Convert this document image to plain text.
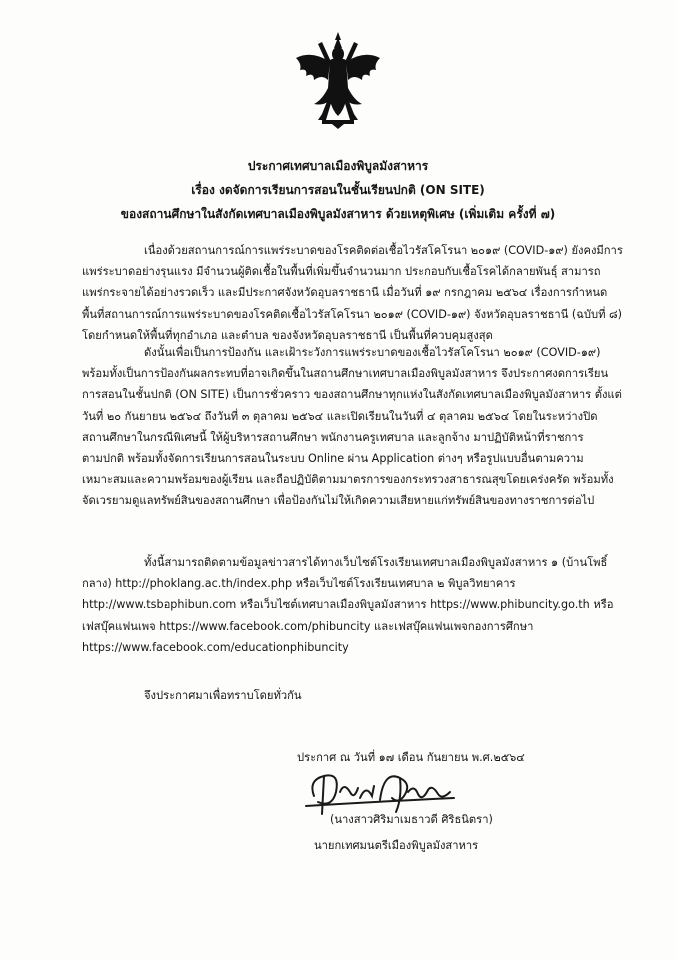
ประกาศเทศบาลเมืองพิบูลมังสาหาร
เรื่อง งดจัดการเรียนการสอนในชั้นเรียนปกติ (ON SITE)
ของสถานศึกษาในสังกัดเทศบาลเมืองพิบูลมังสาหาร ด้วยเหตุพิเศษ (เพิ่มเติม ครั้งที่ ๗)
เนื่องด้วยสถานการณ์การแพร่ระบาดของโรคติดต่อเชื้อไวรัสโคโรนา ๒๐๑๙ (COVID-๑๙) ยังคงมีการ
แพร่ระบาดอย่างรุนแรง มีจำนวนผู้ติดเชื้อในพื้นที่เพิ่มขึ้นจำนวนมาก ประกอบกับเชื้อโรคได้กลายพันธุ์ สามารถ
แพร่กระจายได้อย่างรวดเร็ว และมีประกาศจังหวัดอุบลราชธานี เมื่อวันที่ ๑๙ กรกฎาคม ๒๕๖๔ เรื่องการกำหนด
พื้นที่สถานการณ์การแพร่ระบาดของโรคติดเชื้อไวรัสโคโรนา ๒๐๑๙ (COVID-๑๙) จังหวัดอุบลราชธานี (ฉบับที่ ๘)
โดยกำหนดให้พื้นที่ทุกอำเภอ และตำบล ของจังหวัดอุบลราชธานี เป็นพื้นที่ควบคุมสูงสุด
ดังนั้นเพื่อเป็นการป้องกัน และเฝ้าระวังการแพร่ระบาดของเชื้อไวรัสโคโรนา ๒๐๑๙ (COVID-๑๙)
พร้อมทั้งเป็นการป้องกันผลกระทบที่อาจเกิดขึ้นในสถานศึกษาเทศบาลเมืองพิบูลมังสาหาร จึงประกาศงดการเรียน
การสอนในชั้นปกติ (ON SITE) เป็นการชั่วคราว ของสถานศึกษาทุกแห่งในสังกัดเทศบาลเมืองพิบูลมังสาหาร ตั้งแต่
วันที่ ๒๐ กันยายน ๒๕๖๔ ถึงวันที่ ๓ ตุลาคม ๒๕๖๔ และเปิดเรียนในวันที่ ๔ ตุลาคม ๒๕๖๔ โดยในระหว่างปิด
สถานศึกษาในกรณีพิเศษนี้ ให้ผู้บริหารสถานศึกษา พนักงานครูเทศบาล และลูกจ้าง มาปฏิบัติหน้าที่ราชการ
ตามปกติ พร้อมทั้งจัดการเรียนการสอนในระบบ Online ผ่าน Application ต่างๆ หรือรูปแบบอื่นตามความ
เหมาะสมและความพร้อมของผู้เรียน และถือปฏิบัติตามมาตรการของกระทรวงสาธารณสุขโดยเคร่งครัด พร้อมทั้ง
จัดเวรยามดูแลทรัพย์สินของสถานศึกษา เพื่อป้องกันไม่ให้เกิดความเสียหายแก่ทรัพย์สินของทางราชการต่อไป
ทั้งนี้สามารถติดตามข้อมูลข่าวสารได้ทางเว็บไซต์โรงเรียนเทศบาลเมืองพิบูลมังสาหาร ๑ (บ้านโพธิ์
กลาง) http://phoklang.ac.th/index.php หรือเว็บไซต์โรงเรียนเทศบาล ๒ พิบูลวิทยาคาร
http://www.tsbอphibun.com หรือเว็บไซต์เทศบาลเมืองพิบูลมังสาหาร https://www.phibuncity.go.th หรือ
เฟสบุ๊คแฟนเพจ https://www.facebook.com/phibuncity และเฟสบุ๊คแฟนเพจกองการศึกษา
https://www.facebook.com/educationphibuncity
จึงประกาศมาเพื่อทราบโดยทั่วกัน
ประกาศ ณ วันที่ ๑๗ เดือน กันยายน พ.ศ.๒๕๖๔
(นางสาวศิริมาเมธาวดี ศิริธนิตรา)
นายกเทศมนตรีเมืองพิบูลมังสาหาร
